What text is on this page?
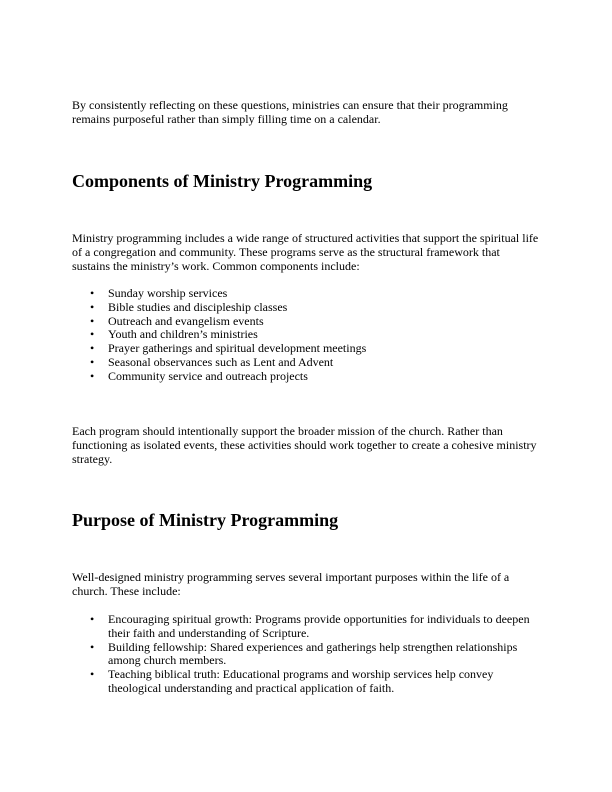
By consistently reflecting on these questions, ministries can ensure that their programming remains purposeful rather than simply filling time on a calendar.

Components of Ministry Programming

Ministry programming includes a wide range of structured activities that support the spiritual life of a congregation and community. These programs serve as the structural framework that sustains the ministry’s work. Common components include:

• Sunday worship services
• Bible studies and discipleship classes
• Outreach and evangelism events
• Youth and children’s ministries
• Prayer gatherings and spiritual development meetings
• Seasonal observances such as Lent and Advent
• Community service and outreach projects

Each program should intentionally support the broader mission of the church. Rather than functioning as isolated events, these activities should work together to create a cohesive ministry strategy.

Purpose of Ministry Programming

Well-designed ministry programming serves several important purposes within the life of a church. These include:

• Encouraging spiritual growth: Programs provide opportunities for individuals to deepen their faith and understanding of Scripture.
• Building fellowship: Shared experiences and gatherings help strengthen relationships among church members.
• Teaching biblical truth: Educational programs and worship services help convey theological understanding and practical application of faith.
